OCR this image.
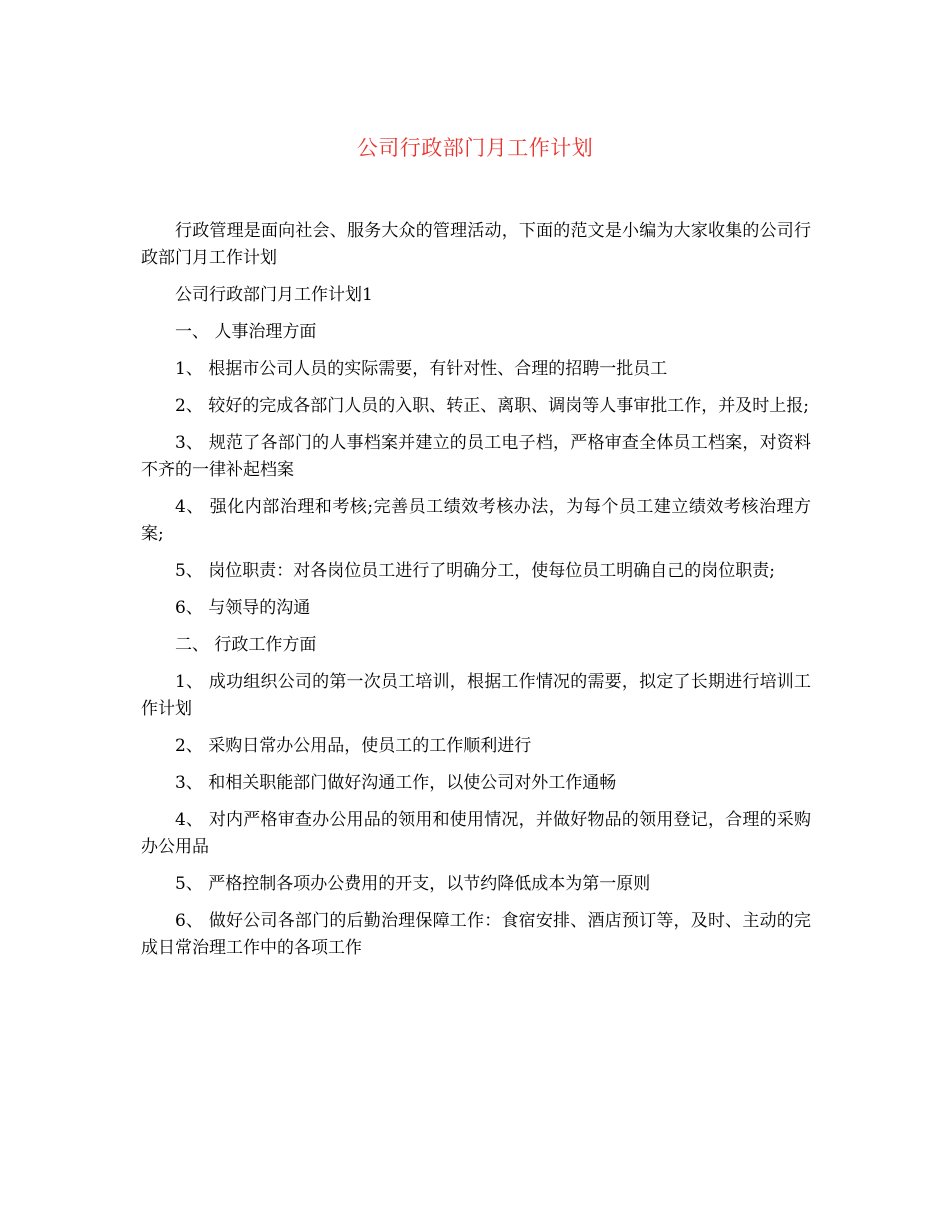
公司行政部门月工作计划

行政管理是面向社会、服务大众的管理活动，下面的范文是小编为大家收集的公司行政部门月工作计划

公司行政部门月工作计划1

一、 人事治理方面

1、 根据市公司人员的实际需要，有针对性、合理的招聘一批员工

2、 较好的完成各部门人员的入职、转正、离职、调岗等人事审批工作，并及时上报;

3、 规范了各部门的人事档案并建立的员工电子档，严格审查全体员工档案，对资料不齐的一律补起档案

4、 强化内部治理和考核;完善员工绩效考核办法，为每个员工建立绩效考核治理方案;

5、 岗位职责：对各岗位员工进行了明确分工，使每位员工明确自己的岗位职责;

6、 与领导的沟通

二、 行政工作方面

1、 成功组织公司的第一次员工培训，根据工作情况的需要，拟定了长期进行培训工作计划

2、 采购日常办公用品，使员工的工作顺利进行

3、 和相关职能部门做好沟通工作，以使公司对外工作通畅

4、 对内严格审查办公用品的领用和使用情况，并做好物品的领用登记，合理的采购办公用品

5、 严格控制各项办公费用的开支，以节约降低成本为第一原则

6、 做好公司各部门的后勤治理保障工作：食宿安排、酒店预订等，及时、主动的完成日常治理工作中的各项工作
